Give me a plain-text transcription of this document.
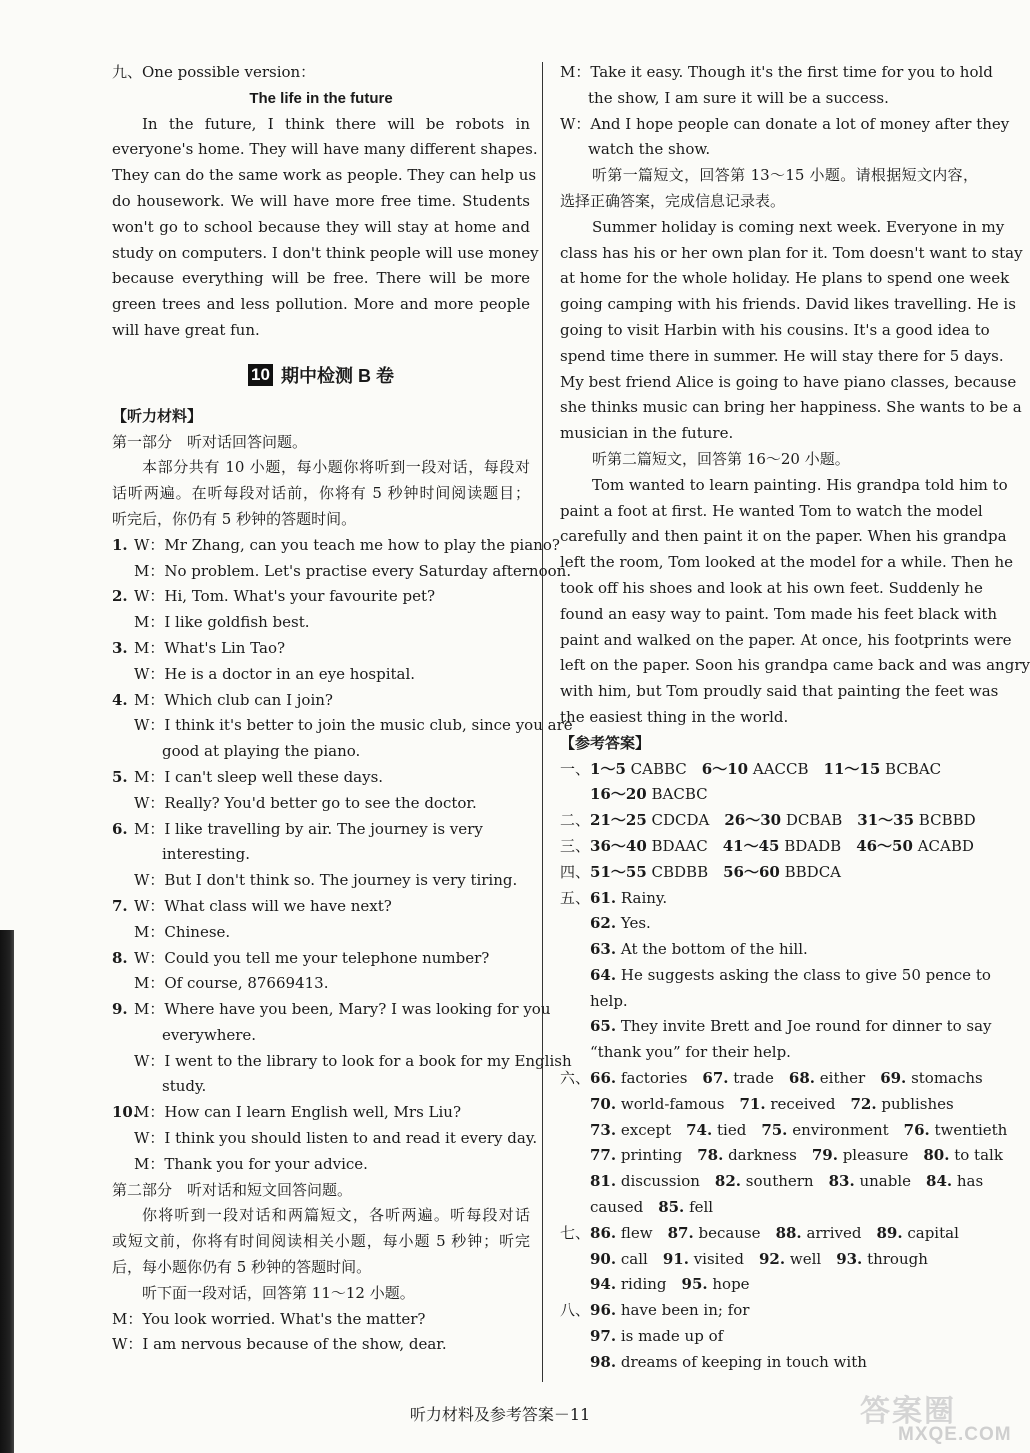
九、One possible version：
The life in the future
In the future, I think there will be robots in
everyone's home. They will have many different shapes.
They can do the same work as people. They can help us
do housework. We will have more free time. Students
won't go to school because they will stay at home and
study on computers. I don't think people will use money
because everything will be free. There will be more
green trees and less pollution. More and more people
will have great fun.
10 期中检测 B 卷
【听力材料】
第一部分　听对话回答问题。
本部分共有 10 小题，每小题你将听到一段对话，每段对
话听两遍。在听每段对话前，你将有 5 秒钟时间阅读题目；
听完后，你仍有 5 秒钟的答题时间。
1. W：Mr Zhang, can you teach me how to play the piano?
M：No problem. Let's practise every Saturday afternoon.
2. W：Hi, Tom. What's your favourite pet?
M：I like goldfish best.
3. M：What's Lin Tao?
W：He is a doctor in an eye hospital.
4. M：Which club can I join?
W：I think it's better to join the music club, since you are
good at playing the piano.
5. M：I can't sleep well these days.
W：Really? You'd better go to see the doctor.
6. M：I like travelling by air. The journey is very
interesting.
W：But I don't think so. The journey is very tiring.
7. W：What class will we have next?
M：Chinese.
8. W：Could you tell me your telephone number?
M：Of course, 87669413.
9. M：Where have you been, Mary? I was looking for you
everywhere.
W：I went to the library to look for a book for my English
study.
10.M：How can I learn English well, Mrs Liu?
W：I think you should listen to and read it every day.
M：Thank you for your advice.
第二部分　听对话和短文回答问题。
你将听到一段对话和两篇短文，各听两遍。听每段对话
或短文前，你将有时间阅读相关小题，每小题 5 秒钟；听完
后，每小题你仍有 5 秒钟的答题时间。
听下面一段对话，回答第 11～12 小题。
M：You look worried. What's the matter?
W：I am nervous because of the show, dear.
M：Take it easy. Though it's the first time for you to hold
the show, I am sure it will be a success.
W：And I hope people can donate a lot of money after they
watch the show.
听第一篇短文，回答第 13～15 小题。请根据短文内容，
选择正确答案，完成信息记录表。
Summer holiday is coming next week. Everyone in my
class has his or her own plan for it. Tom doesn't want to stay
at home for the whole holiday. He plans to spend one week
going camping with his friends. David likes travelling. He is
going to visit Harbin with his cousins. It's a good idea to
spend time there in summer. He will stay there for 5 days.
My best friend Alice is going to have piano classes, because
she thinks music can bring her happiness. She wants to be a
musician in the future.
听第二篇短文，回答第 16～20 小题。
Tom wanted to learn painting. His grandpa told him to
paint a foot at first. He wanted Tom to watch the model
carefully and then paint it on the paper. When his grandpa
left the room, Tom looked at the model for a while. Then he
took off his shoes and look at his own feet. Suddenly he
found an easy way to paint. Tom made his feet black with
paint and walked on the paper. At once, his footprints were
left on the paper. Soon his grandpa came back and was angry
with him, but Tom proudly said that painting the feet was
the easiest thing in the world.
【参考答案】
一、1～5 CABBC　6～10 AACCB　11～15 BCBAC
16～20 BACBC
二、21～25 CDCDA　26～30 DCBAB　31～35 BCBBD
三、36～40 BDAAC　41～45 BDADB　46～50 ACABD
四、51～55 CBDBB　56～60 BBDCA
五、61. Rainy.
62. Yes.
63. At the bottom of the hill.
64. He suggests asking the class to give 50 pence to
help.
65. They invite Brett and Joe round for dinner to say
“thank you” for their help.
六、66. factories　67. trade　68. either　69. stomachs
70. world-famous　71. received　72. publishes
73. except　74. tied　75. environment　76. twentieth
77. printing　78. darkness　79. pleasure　80. to talk
81. discussion　82. southern　83. unable　84. has
caused　85. fell
七、86. flew　87. because　88. arrived　89. capital
90. call　91. visited　92. well　93. through
94. riding　95. hope
八、96. have been in; for
97. is made up of
98. dreams of keeping in touch with
听力材料及参考答案－11	答案圈
MXQE.COM
